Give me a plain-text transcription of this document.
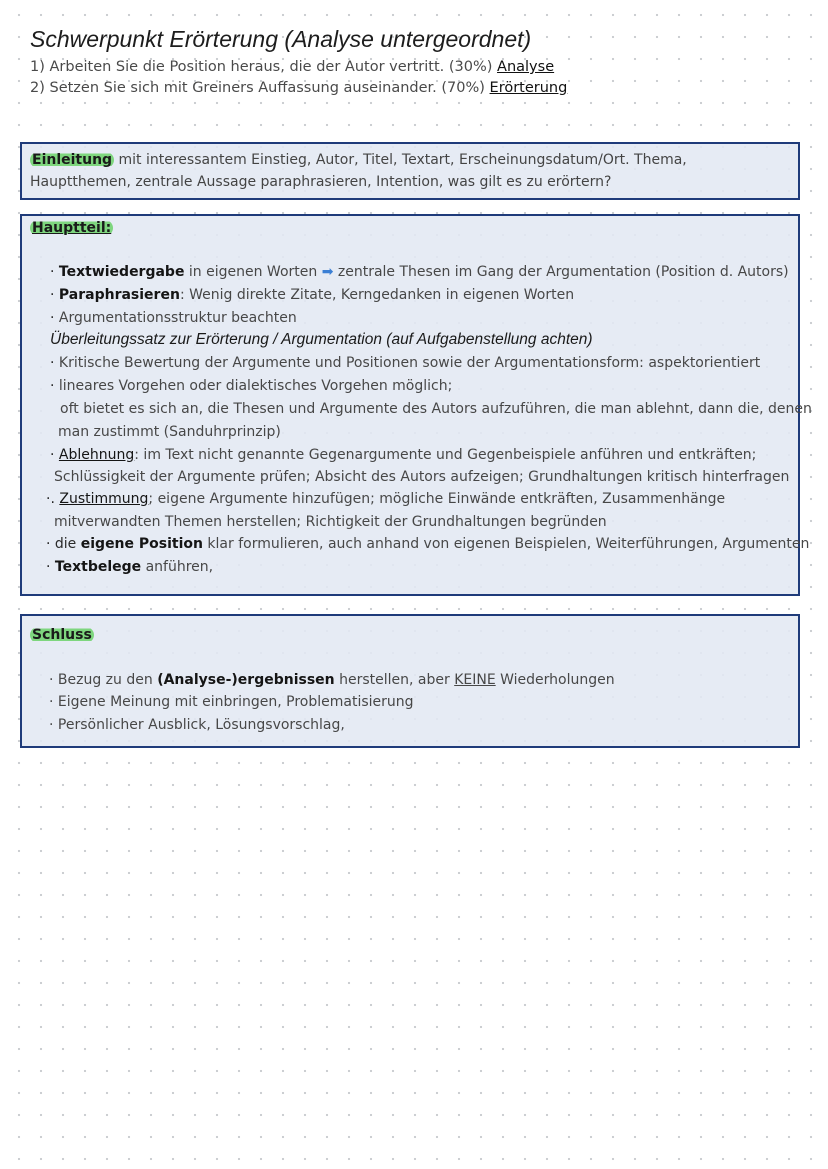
Schwerpunkt Erörterung (Analyse untergeordnet)
1) Arbeiten Sie die Position heraus, die der Autor vertritt. (30%) Analyse
2) Setzen Sie sich mit Greiners Auffassung auseinander. (70%) Erörterung
Einleitung mit interessantem Einstieg, Autor, Titel, Textart, Erscheinungsdatum/Ort. Thema,
Hauptthemen, zentrale Aussage paraphrasieren, Intention, was gilt es zu erörtern?
Hauptteil:
· Textwiedergabe in eigenen Worten ➡ zentrale Thesen im Gang der Argumentation (Position d. Autors)
· Paraphrasieren: Wenig direkte Zitate, Kerngedanken in eigenen Worten
· Argumentationsstruktur beachten
Überleitungssatz zur Erörterung / Argumentation (auf Aufgabenstellung achten)
· Kritische Bewertung der Argumente und Positionen sowie der Argumentationsform: aspektorientiert
· lineares Vorgehen oder dialektisches Vorgehen möglich;
oft bietet es sich an, die Thesen und Argumente des Autors aufzuführen, die man ablehnt, dann die, denen
man zustimmt (Sanduhrprinzip)
· Ablehnung: im Text nicht genannte Gegenargumente und Gegenbeispiele anführen und entkräften;
Schlüssigkeit der Argumente prüfen; Absicht des Autors aufzeigen; Grundhaltungen kritisch hinterfragen
·. Zustimmung; eigene Argumente hinzufügen; mögliche Einwände entkräften, Zusammenhänge
mitverwandten Themen herstellen; Richtigkeit der Grundhaltungen begründen
· die eigene Position klar formulieren, auch anhand von eigenen Beispielen, Weiterführungen, Argumenten
· Textbelege anführen,
Schluss
· Bezug zu den (Analyse-)ergebnissen herstellen, aber KEINE Wiederholungen
· Eigene Meinung mit einbringen, Problematisierung
· Persönlicher Ausblick, Lösungsvorschlag,
